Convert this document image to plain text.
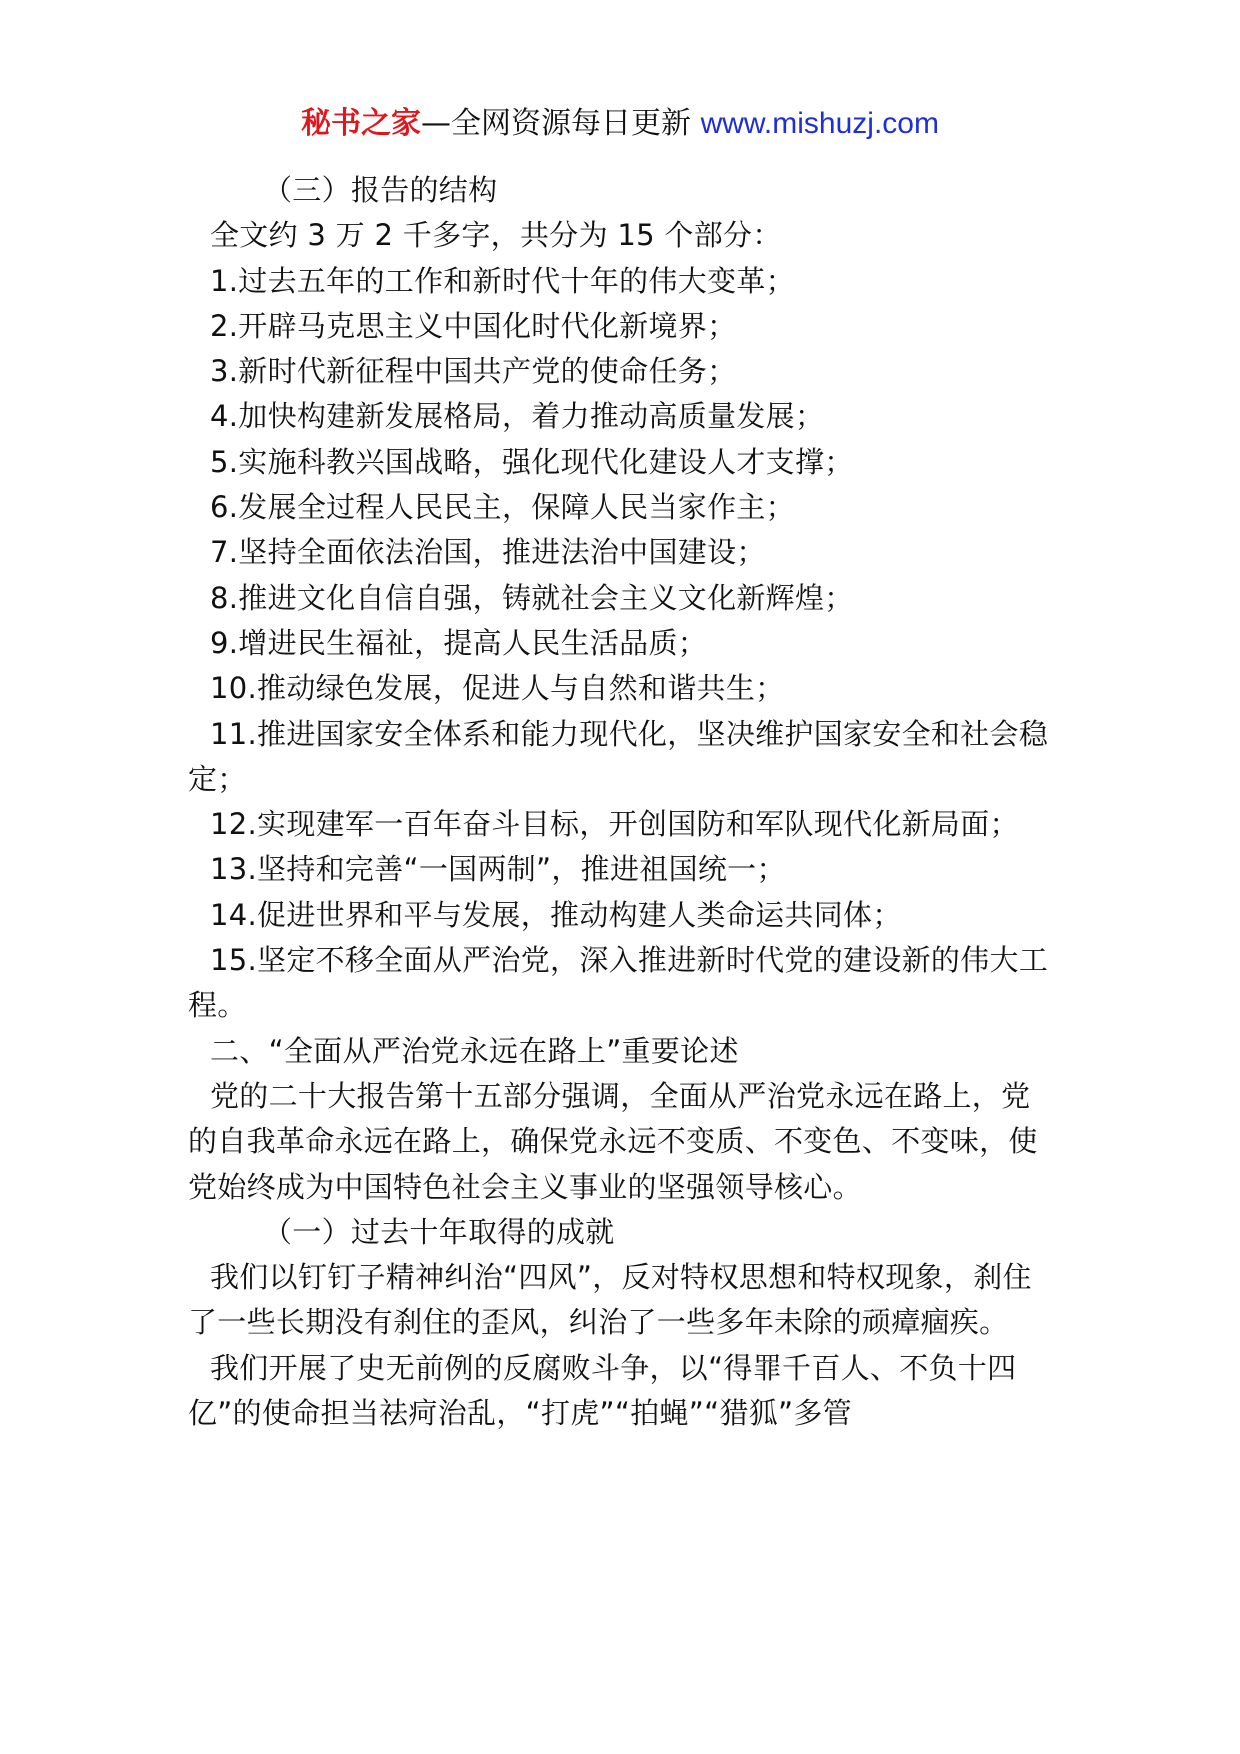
秘书之家—全网资源每日更新 www.mishuzj.com

（三）报告的结构

全文约 3 万 2 千多字，共分为 15 个部分：

1.过去五年的工作和新时代十年的伟大变革；

2.开辟马克思主义中国化时代化新境界；

3.新时代新征程中国共产党的使命任务；

4.加快构建新发展格局，着力推动高质量发展；

5.实施科教兴国战略，强化现代化建设人才支撑；

6.发展全过程人民民主，保障人民当家作主；

7.坚持全面依法治国，推进法治中国建设；

8.推进文化自信自强，铸就社会主义文化新辉煌；

9.增进民生福祉，提高人民生活品质；

10.推动绿色发展，促进人与自然和谐共生；

11.推进国家安全体系和能力现代化，坚决维护国家安全和社会稳定；

12.实现建军一百年奋斗目标，开创国防和军队现代化新局面；

13.坚持和完善“一国两制”，推进祖国统一；

14.促进世界和平与发展，推动构建人类命运共同体；

15.坚定不移全面从严治党，深入推进新时代党的建设新的伟大工程。

二、“全面从严治党永远在路上”重要论述

党的二十大报告第十五部分强调，全面从严治党永远在路上，党的自我革命永远在路上，确保党永远不变质、不变色、不变味，使党始终成为中国特色社会主义事业的坚强领导核心。

（一）过去十年取得的成就

我们以钉钉子精神纠治“四风”，反对特权思想和特权现象，刹住了一些长期没有刹住的歪风，纠治了一些多年未除的顽瘴痼疾。

我们开展了史无前例的反腐败斗争，以“得罪千百人、不负十四亿”的使命担当祛疴治乱，“打虎”“拍蝇”“猎狐”多管
